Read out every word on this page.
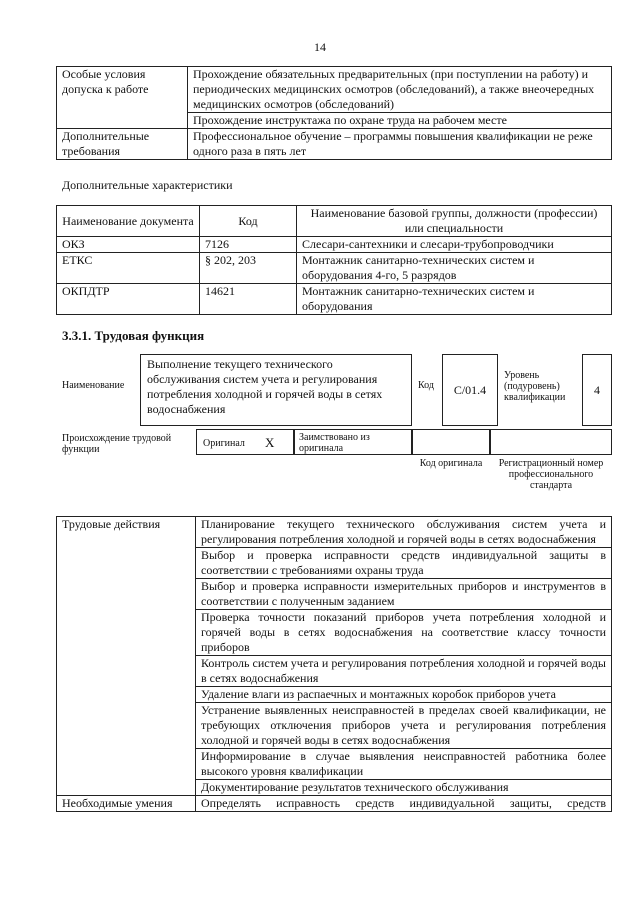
14
Особые условия допуска к работе	Прохождение обязательных предварительных (при поступлении на работу) и периодических медицинских осмотров (обследований), а также внеочередных медицинских осмотров (обследований)
	Прохождение инструктажа по охране труда на рабочем месте
Дополнительные требования	Профессиональное обучение – программы повышения квалификации не реже одного раза в пять лет
Дополнительные характеристики
Наименование документа	Код	Наименование базовой группы, должности (профессии) или специальности
ОКЗ	7126	Слесари-сантехники и слесари-трубопроводчики
ЕТКС	§ 202, 203	Монтажник санитарно-технических систем и оборудования 4-го, 5 разрядов
ОКПДТР	14621	Монтажник санитарно-технических систем и оборудования
3.3.1. Трудовая функция
Наименование
Выполнение текущего технического обслуживания систем учета и регулирования потребления холодной и горячей воды в сетях водоснабжения
Код	C/01.4
Уровень (подуровень) квалификации
4
Происхождение трудовой функции
Оригинал X	Заимствовано из оригинала
Код оригинала	Регистрационный номер профессионального стандарта
Трудовые действия	Планирование текущего технического обслуживания систем учета и регулирования потребления холодной и горячей воды в сетях водоснабжения
	Выбор и проверка исправности средств индивидуальной защиты в соответствии с требованиями охраны труда
	Выбор и проверка исправности измерительных приборов и инструментов в соответствии с полученным заданием
	Проверка точности показаний приборов учета потребления холодной и горячей воды в сетях водоснабжения на соответствие классу точности приборов
	Контроль систем учета и регулирования потребления холодной и горячей воды в сетях водоснабжения
	Удаление влаги из распаечных и монтажных коробок приборов учета
	Устранение выявленных неисправностей в пределах своей квалификации, не требующих отключения приборов учета и регулирования потребления холодной и горячей воды в сетях водоснабжения
	Информирование в случае выявления неисправностей работника более высокого уровня квалификации
	Документирование результатов технического обслуживания
Необходимые умения	Определять исправность средств индивидуальной защиты, средств
